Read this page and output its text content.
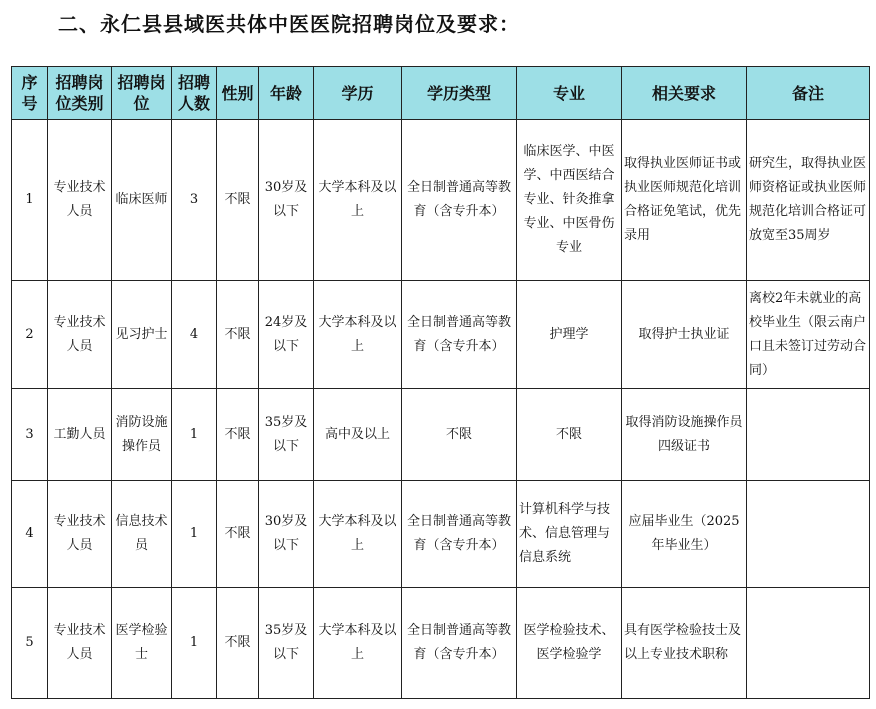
二、永仁县县域医共体中医医院招聘岗位及要求：
序号	招聘岗位类别	招聘岗位	招聘人数	性别	年龄	学历	学历类型	专业	相关要求	备注
1	专业技术人员	临床医师	3	不限	30岁及以下	大学本科及以上	全日制普通高等教育（含专升本）	临床医学、中医学、中西医结合专业、针灸推拿专业、中医骨伤专业	取得执业医师证书或执业医师规范化培训合格证免笔试，优先录用	研究生，取得执业医师资格证或执业医师规范化培训合格证可放宽至35周岁
2	专业技术人员	见习护士	4	不限	24岁及以下	大学本科及以上	全日制普通高等教育（含专升本）	护理学	取得护士执业证	离校2年未就业的高校毕业生（限云南户口且未签订过劳动合同）
3	工勤人员	消防设施操作员	1	不限	35岁及以下	高中及以上	不限	不限	取得消防设施操作员四级证书	
4	专业技术人员	信息技术员	1	不限	30岁及以下	大学本科及以上	全日制普通高等教育（含专升本）	计算机科学与技术、信息管理与信息系统	应届毕业生（2025年毕业生）	
5	专业技术人员	医学检验士	1	不限	35岁及以下	大学本科及以上	全日制普通高等教育（含专升本）	医学检验技术、医学检验学	具有医学检验技士及以上专业技术职称	
